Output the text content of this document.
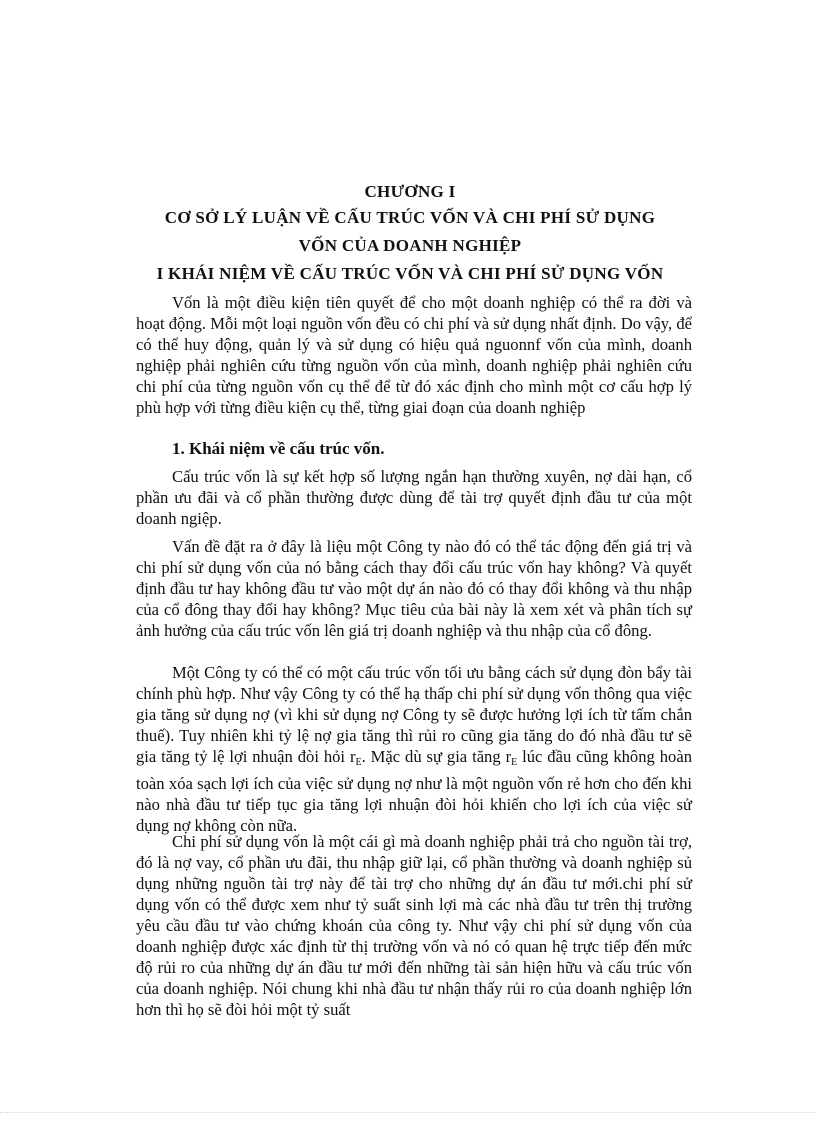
CHƯƠNG I
CƠ SỞ LÝ LUẬN VỀ CẤU TRÚC VỐN VÀ CHI PHÍ SỬ DỤNG
VỐN CỦA DOANH NGHIỆP
I KHÁI NIỆM VỀ CẤU TRÚC VỐN VÀ CHI PHÍ SỬ DỤNG VỐN

Vốn là một điều kiện tiên quyết để cho một doanh nghiệp có thể ra đời và hoạt động. Mỗi một loại nguồn vốn đều có chi phí và sử dụng nhất định. Do vậy, để có thể huy động, quản lý và sử dụng có hiệu quả nguonnf vốn của mình, doanh nghiệp phải nghiên cứu từng nguồn vốn của mình, doanh nghiệp phải nghiên cứu chi phí của từng nguồn vốn cụ thể để từ đó xác định cho mình một cơ cấu hợp lý phù hợp với từng điều kiện cụ thể, từng giai đoạn của doanh nghiệp

1. Khái niệm về cấu trúc vốn.

Cấu trúc vốn là sự kết hợp số lượng ngắn hạn thường xuyên, nợ dài hạn, cổ phần ưu đãi và cổ phần thường được dùng để tài trợ quyết định đầu tư của một doanh ngiệp.

Vấn đề đặt ra ở đây là liệu một Công ty nào đó có thể tác động đến giá trị và chi phí sử dụng vốn của nó bằng cách thay đổi cấu trúc vốn hay không? Và quyết định đầu tư hay không đầu tư vào một dự án nào đó có thay đổi không và thu nhập của cổ đông thay đổi hay không? Mục tiêu của bài này là xem xét và phân tích sự ảnh hưởng của cấu trúc vốn lên giá trị doanh nghiệp và thu nhập của cổ đông.

Một Công ty có thể có một cấu trúc vốn tối ưu bằng cách sử dụng đòn bẩy tài chính phù hợp. Như vậy Công ty có thể hạ thấp chi phí sử dụng vốn thông qua việc gia tăng sử dụng nợ (vì khi sử dụng nợ Công ty sẽ được hưởng lợi ích từ tấm chắn thuế). Tuy nhiên khi tỷ lệ nợ gia tăng thì rủi ro cũng gia tăng do đó nhà đầu tư sẽ gia tăng tỷ lệ lợi nhuận đòi hỏi $r_E$. Mặc dù sự gia tăng $r_E$ lúc đầu cũng không hoàn toàn xóa sạch lợi ích của việc sử dụng nợ như là một nguồn vốn rẻ hơn cho đến khi nào nhà đầu tư tiếp tục gia tăng lợi nhuận đòi hỏi khiến cho lợi ích của việc sử dụng nợ không còn nữa.

Chi phí sử dụng vốn là một cái gì mà doanh nghiệp phải trả cho nguồn tài trợ, đó là nợ vay, cổ phần ưu đãi, thu nhập giữ lại, cổ phần thường và doanh nghiệp sủ dụng những nguồn tài trợ này để tài trợ cho những dự án đầu tư mới.chi phí sử dụng vốn có thể được xem như tỷ suất sinh lợi mà các nhà đầu tư trên thị trường yêu cầu đầu tư vào chứng khoán của công ty. Như vậy chi phí sử dụng vốn của doanh nghiệp được xác định từ thị trường vốn và nó có quan hệ trực tiếp đến mức độ rủi ro của những dự án đầu tư mới đến những tài sản hiện hữu và cấu trúc vốn của doanh nghiệp. Nói chung khi nhà đầu tư nhận thấy rủi ro của doanh nghiệp lớn hơn thì họ sẽ đòi hỏi một tỷ suất
